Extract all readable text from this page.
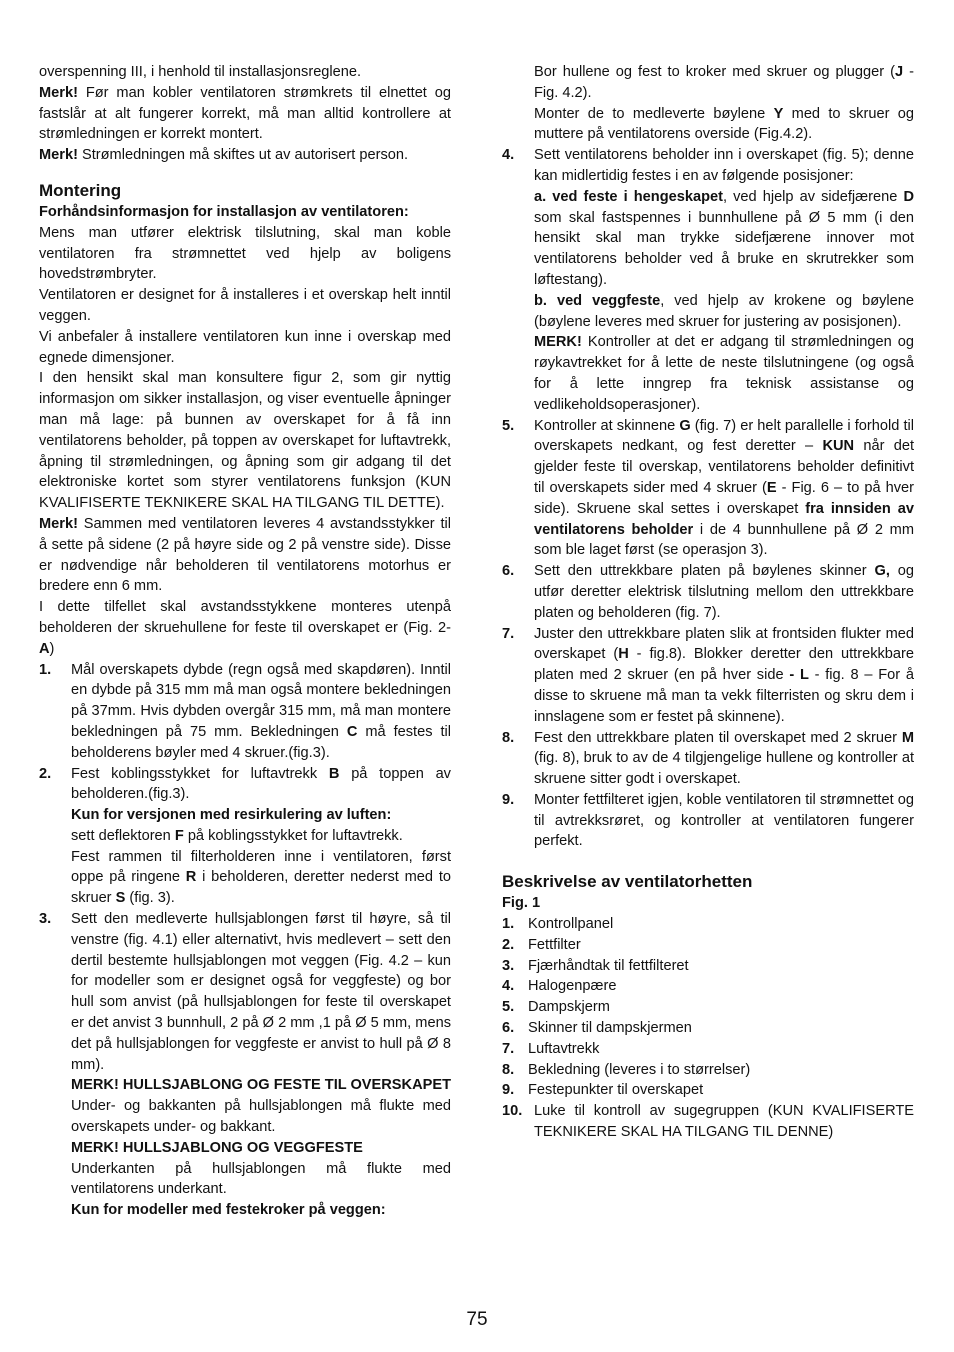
overspenning III, i henhold til installasjonsreglene.

Merk! Før man kobler ventilatoren strømkrets til elnettet og fastslår at alt fungerer korrekt, må man alltid kontrollere at strømledningen er korrekt montert.

Merk! Strømledningen må skiftes ut av autorisert person.

Montering
Forhåndsinformasjon for installasjon av ventilatoren:

Mens man utfører elektrisk tilslutning, skal man koble ventilatoren fra strømnettet ved hjelp av boligens hovedstrømbryter.

Ventilatoren er designet for å installeres i et overskap helt inntil veggen.

Vi anbefaler å installere ventilatoren kun inne i overskap med egnede dimensjoner.

I den hensikt skal man konsultere figur 2, som gir nyttig informasjon om sikker installasjon, og viser eventuelle åpninger man må lage: på bunnen av overskapet for å få inn ventilatorens beholder, på toppen av overskapet for luftavtrekk, åpning til strømledningen, og åpning som gir adgang til det elektroniske kortet som styrer ventilatorens funksjon (KUN KVALIFISERTE TEKNIKERE SKAL HA TILGANG TIL DETTE).

Merk! Sammen med ventilatoren leveres 4 avstandsstykker til å sette på sidene (2 på høyre side og 2 på venstre side). Disse er nødvendige når beholderen til ventilatorens motorhus er bredere enn 6 mm.

I dette tilfellet skal avstandsstykkene monteres utenpå beholderen der skruehullene for feste til overskapet er (Fig. 2-A)

1.	Mål overskapets dybde (regn også med skapdøren). Inntil en dybde på 315 mm må man også montere bekledningen på 37mm. Hvis dybden overgår 315 mm, må man montere bekledningen på 75 mm. Bekledningen C må festes til beholderens bøyler med 4 skruer.(fig.3).
2.	Fest koblingsstykket for luftavtrekk B på toppen av beholderen.(fig.3).
Kun for versjonen med resirkulering av luften:
sett deflektoren F på koblingsstykket for luftavtrekk.
Fest rammen til filterholderen inne i ventilatoren, først oppe på ringene R i beholderen, deretter nederst med to skruer S (fig. 3).
3.	Sett den medleverte hullsjablongen først til høyre, så til venstre (fig. 4.1) eller alternativt, hvis medlevert – sett den dertil bestemte hullsjablongen mot veggen (Fig. 4.2 – kun for modeller som er designet også for veggfeste) og bor hull som anvist (på hullsjablongen for feste til overskapet er det anvist 3 bunnhull, 2 på Ø 2 mm ,1 på Ø 5 mm, mens det på hullsjablongen for veggfeste er anvist to hull på Ø 8 mm).
MERK! HULLSJABLONG OG FESTE TIL OVERSKAPET
Under- og bakkanten på hullsjablongen må flukte med overskapets under- og bakkant.
MERK! HULLSJABLONG OG VEGGFESTE
Underkanten på hullsjablongen må flukte med ventilatorens underkant.
Kun for modeller med festekroker på veggen:

Bor hullene og fest to kroker med skruer og plugger (J - Fig. 4.2).

Monter de to medleverte bøylene Y med to skruer og muttere på ventilatorens overside (Fig.4.2).

4.	Sett ventilatorens beholder inn i overskapet (fig. 5); denne kan midlertidig festes i en av følgende posisjoner:
a. ved feste i hengeskapet, ved hjelp av sidefjærene D som skal fastspennes i bunnhullene på Ø 5 mm (i den hensikt skal man trykke sidefjærene innover mot ventilatorens beholder ved å bruke en skrutrekker som løftestang).
b. ved veggfeste, ved hjelp av krokene og bøylene (bøylene leveres med skruer for justering av posisjonen).
MERK! Kontroller at det er adgang til strømledningen og røykavtrekket for å lette de neste tilslutningene (og også for å lette inngrep fra teknisk assistanse og vedlikeholdsoperasjoner).
5.	Kontroller at skinnene G (fig. 7) er helt parallelle i forhold til overskapets nedkant, og fest deretter – KUN når det gjelder feste til overskap, ventilatorens beholder definitivt til overskapets sider med 4 skruer (E - Fig. 6 – to på hver side). Skruene skal settes i overskapet fra innsiden av ventilatorens beholder i de 4 bunnhullene på Ø 2 mm som ble laget først (se operasjon 3).
6.	Sett den uttrekkbare platen på bøylenes skinner G, og utfør deretter elektrisk tilslutning mellom den uttrekkbare platen og beholderen (fig. 7).
7.	Juster den uttrekkbare platen slik at frontsiden flukter med overskapet (H - fig.8). Blokker deretter den uttrekkbare platen med 2 skruer (en på hver side - L - fig. 8 – For å disse to skruene må man ta vekk filterristen og skru dem i innslagene som er festet på skinnene).
8.	Fest den uttrekkbare platen til overskapet med 2 skruer M (fig. 8), bruk to av de 4 tilgjengelige hullene og kontroller at skruene sitter godt i overskapet.
9.	Monter fettfilteret igjen, koble ventilatoren til strømnettet og til avtrekksrøret, og kontroller at ventilatoren fungerer perfekt.
Beskrivelse av ventilatorhetten
Fig. 1
1. Kontrollpanel
2. Fettfilter
3. Fjærhåndtak til fettfilteret
4. Halogenpære
5. Dampskjerm
6. Skinner til dampskjermen
7. Luftavtrekk
8. Bekledning (leveres i to størrelser)
9. Festepunkter til overskapet
10. Luke til kontroll av sugegruppen (KUN KVALIFISERTE TEKNIKERE SKAL HA TILGANG TIL DENNE)
75
